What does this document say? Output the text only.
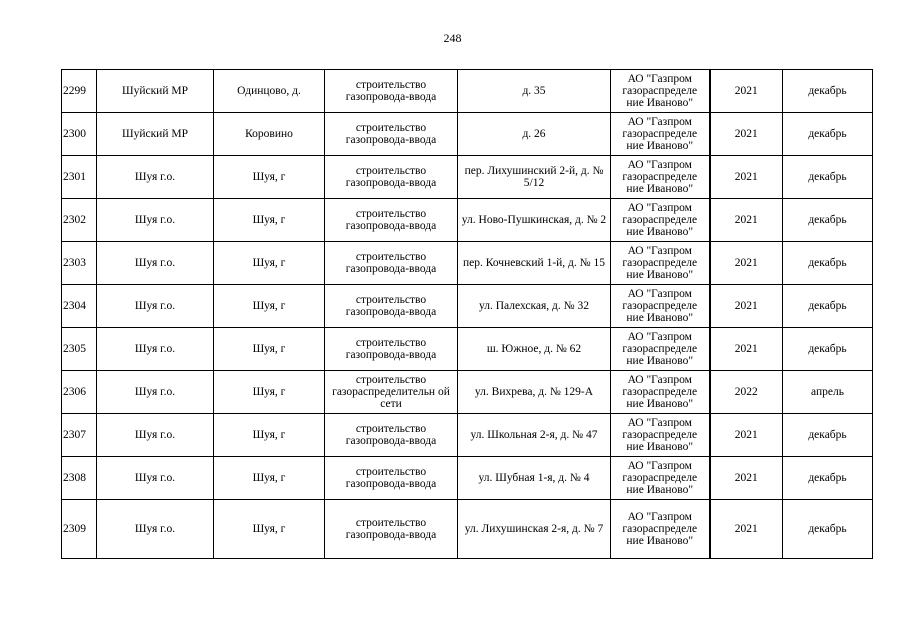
248
2299	Шуйский МР	Одинцово, д.	строительство газопровода-ввода	д. 35	АО "Газпром газораспределе ние Иваново"	2021	декабрь
2300	Шуйский МР	Коровино	строительство газопровода-ввода	д. 26	АО "Газпром газораспределе ние Иваново"	2021	декабрь
2301	Шуя г.о.	Шуя, г	строительство газопровода-ввода	пер. Лихушинский 2-й, д. № 5/12	АО "Газпром газораспределе ние Иваново"	2021	декабрь
2302	Шуя г.о.	Шуя, г	строительство газопровода-ввода	ул. Ново-Пушкинская, д. № 2	АО "Газпром газораспределе ние Иваново"	2021	декабрь
2303	Шуя г.о.	Шуя, г	строительство газопровода-ввода	пер. Кочневский 1-й, д. № 15	АО "Газпром газораспределе ние Иваново"	2021	декабрь
2304	Шуя г.о.	Шуя, г	строительство газопровода-ввода	ул. Палехская, д. № 32	АО "Газпром газораспределе ние Иваново"	2021	декабрь
2305	Шуя г.о.	Шуя, г	строительство газопровода-ввода	ш. Южное, д. № 62	АО "Газпром газораспределе ние Иваново"	2021	декабрь
2306	Шуя г.о.	Шуя, г	строительство газораспределительн ой сети	ул. Вихрева, д. № 129-А	АО "Газпром газораспределе ние Иваново"	2022	апрель
2307	Шуя г.о.	Шуя, г	строительство газопровода-ввода	ул. Школьная 2-я, д. № 47	АО "Газпром газораспределе ние Иваново"	2021	декабрь
2308	Шуя г.о.	Шуя, г	строительство газопровода-ввода	ул. Шубная 1-я, д. № 4	АО "Газпром газораспределе ние Иваново"	2021	декабрь
2309	Шуя г.о.	Шуя, г	строительство газопровода-ввода	ул. Лихушинская 2-я, д. № 7	АО "Газпром газораспределе ние Иваново"	2021	декабрь
